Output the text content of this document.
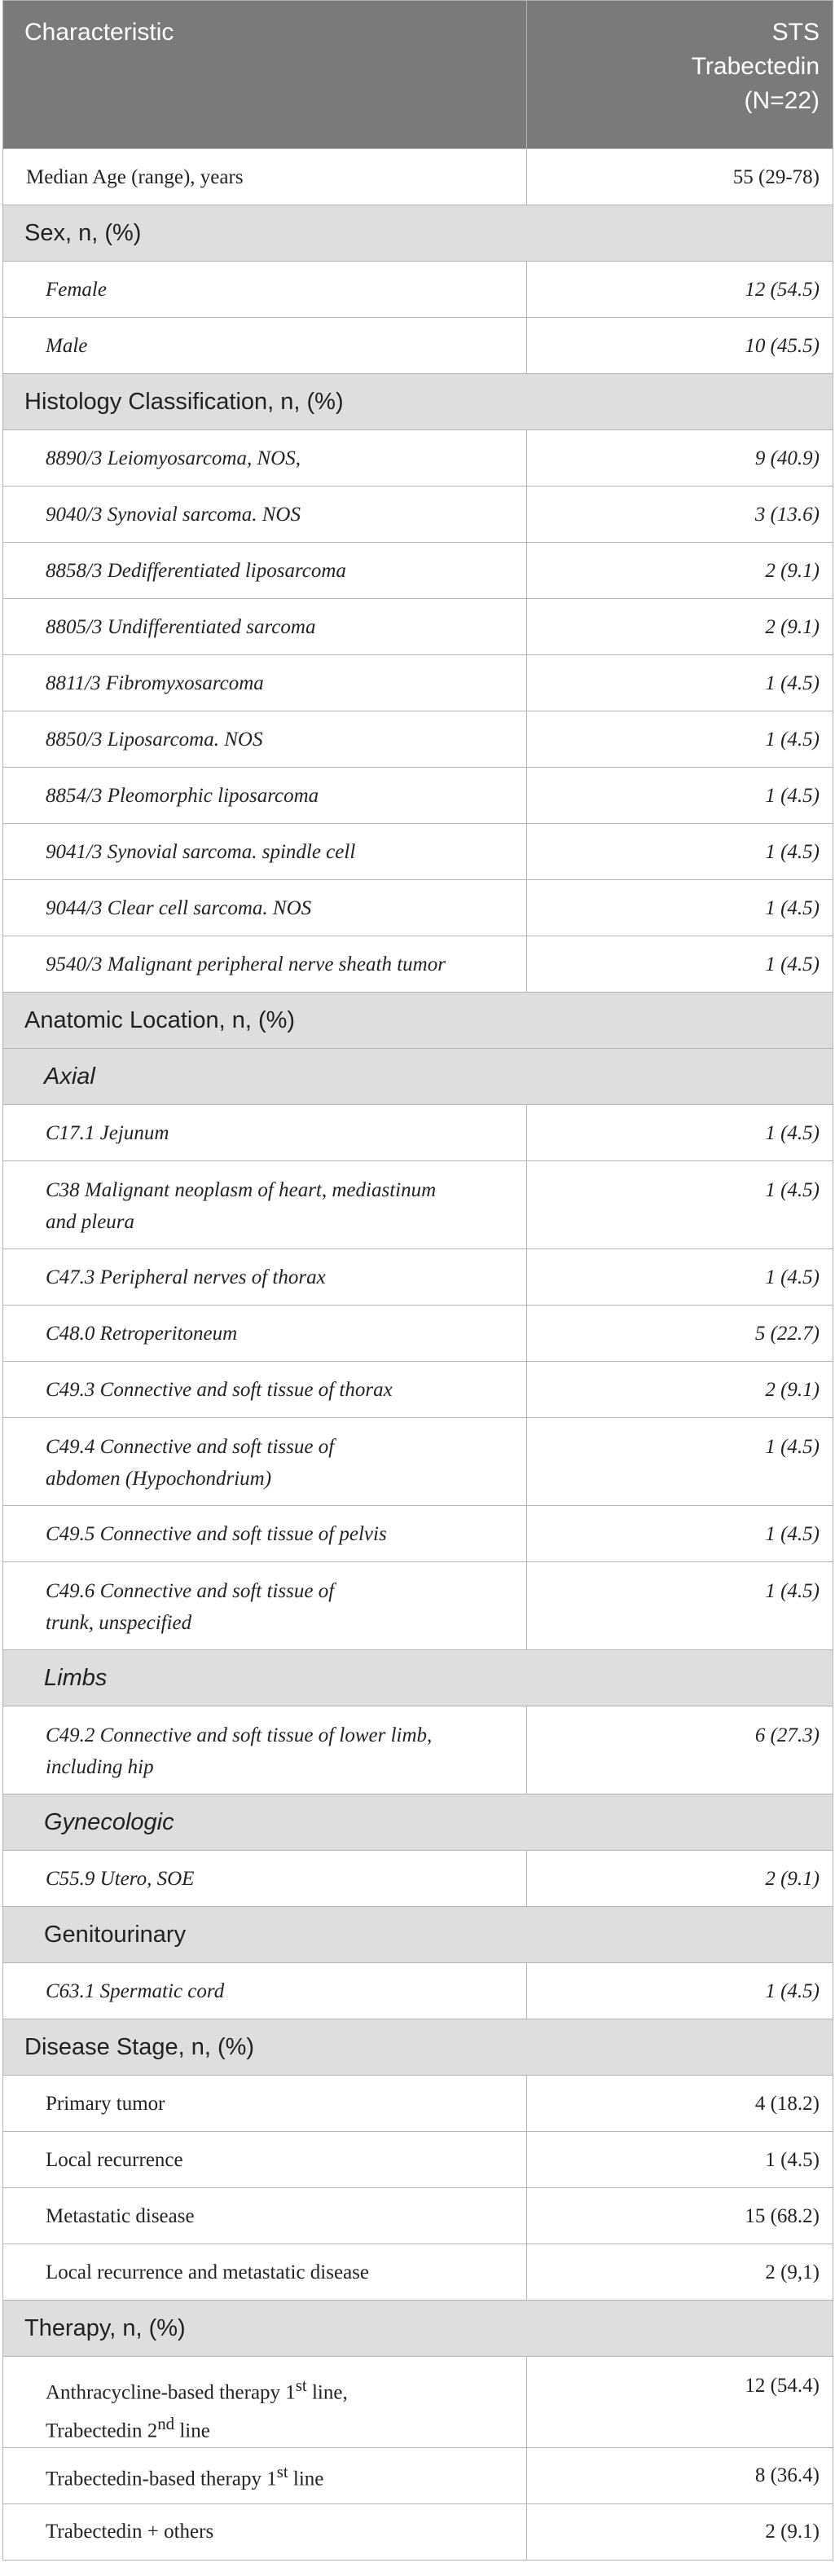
Characteristic	STS
Trabectedin
(N=22)
Median Age (range), years	55 (29-78)
Sex, n, (%)	
Female	12 (54.5)
Male	10 (45.5)
Histology Classification, n, (%)	
8890/3 Leiomyosarcoma, NOS,	9 (40.9)
9040/3 Synovial sarcoma. NOS	3 (13.6)
8858/3 Dedifferentiated liposarcoma	2 (9.1)
8805/3 Undifferentiated sarcoma	2 (9.1)
8811/3 Fibromyxosarcoma	1 (4.5)
8850/3 Liposarcoma. NOS	1 (4.5)
8854/3 Pleomorphic liposarcoma	1 (4.5)
9041/3 Synovial sarcoma. spindle cell	1 (4.5)
9044/3 Clear cell sarcoma. NOS	1 (4.5)
9540/3 Malignant peripheral nerve sheath tumor	1 (4.5)
Anatomic Location, n, (%)	
Axial	
C17.1 Jejunum	1 (4.5)
C38 Malignant neoplasm of heart, mediastinum
and pleura	1 (4.5)
C47.3 Peripheral nerves of thorax	1 (4.5)
C48.0 Retroperitoneum	5 (22.7)
C49.3 Connective and soft tissue of thorax	2 (9.1)
C49.4 Connective and soft tissue of
abdomen (Hypochondrium)	1 (4.5)
C49.5 Connective and soft tissue of pelvis	1 (4.5)
C49.6 Connective and soft tissue of
trunk, unspecified	1 (4.5)
Limbs	
C49.2 Connective and soft tissue of lower limb,
including hip	6 (27.3)
Gynecologic	
C55.9 Utero, SOE	2 (9.1)
Genitourinary	
C63.1 Spermatic cord	1 (4.5)
Disease Stage, n, (%)	
Primary tumor	4 (18.2)
Local recurrence	1 (4.5)
Metastatic disease	15 (68.2)
Local recurrence and metastatic disease	2 (9,1)
Therapy, n, (%)	
Anthracycline-based therapy 1st line,
Trabectedin 2nd line	12 (54.4)
Trabectedin-based therapy 1st line	8 (36.4)
Trabectedin + others	2 (9.1)
